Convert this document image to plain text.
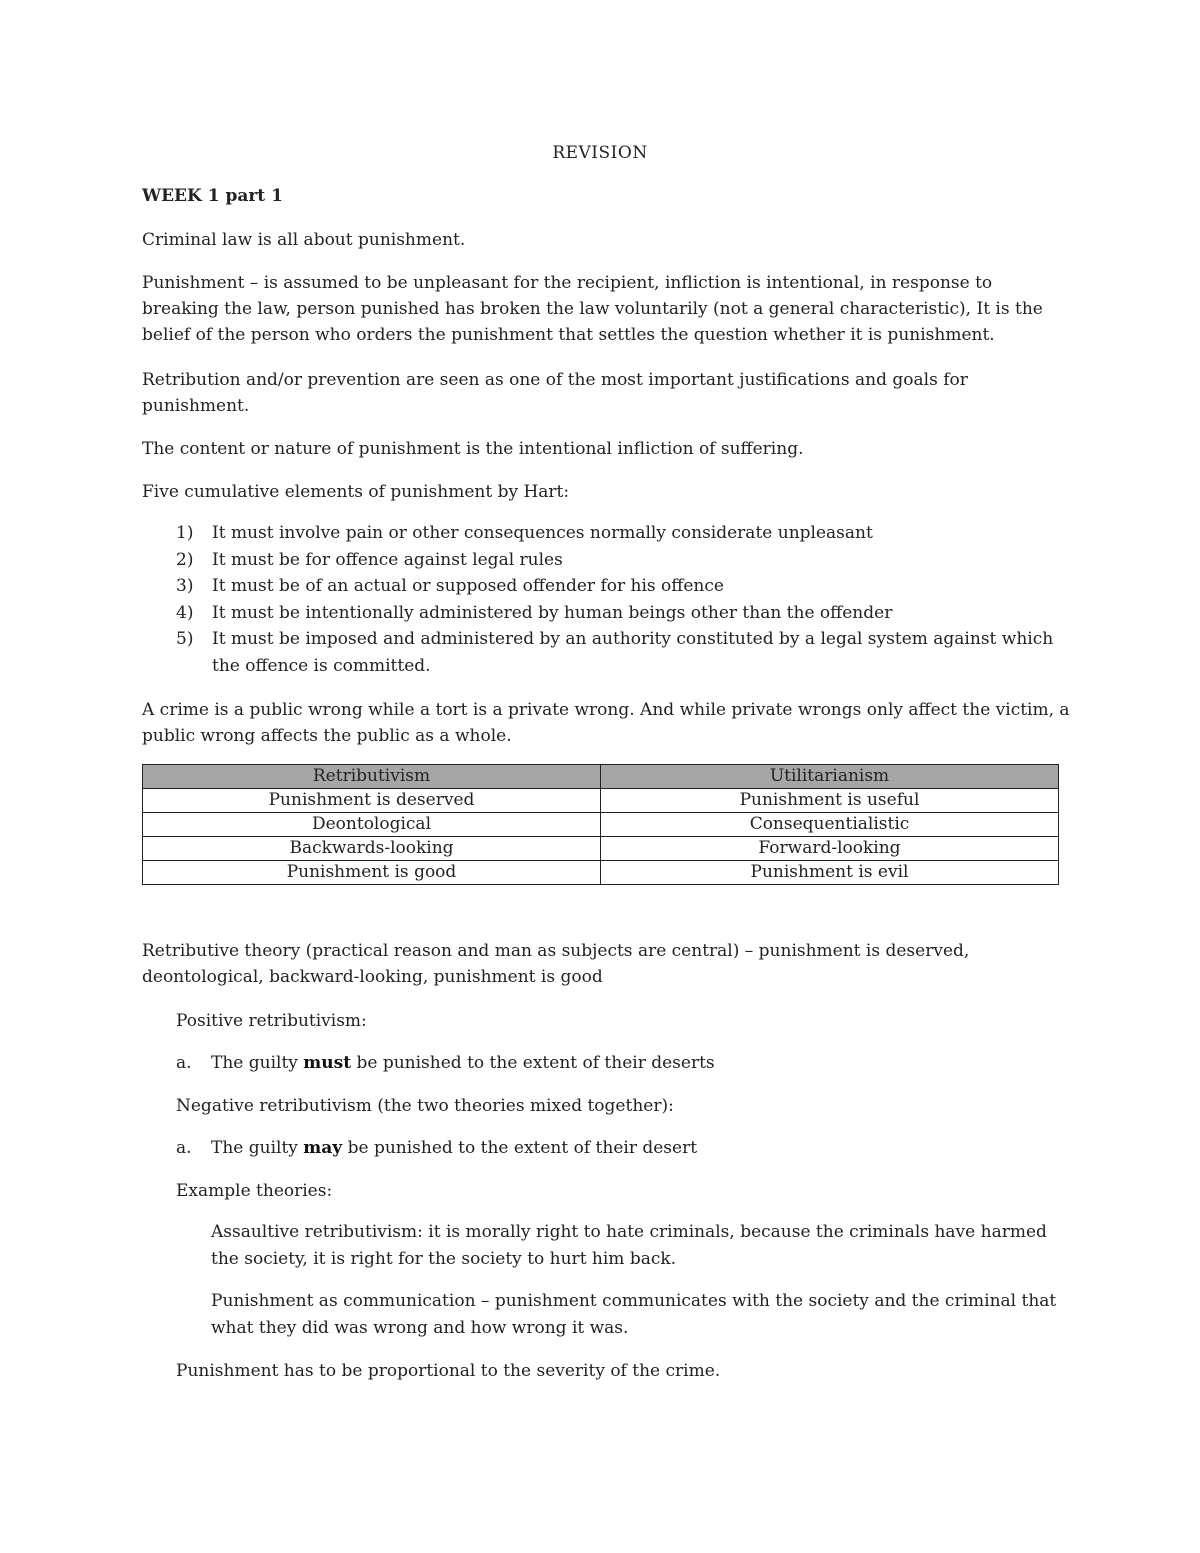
REVISION
WEEK 1 part 1
Criminal law is all about punishment.
Punishment – is assumed to be unpleasant for the recipient, infliction is intentional, in response to breaking the law, person punished has broken the law voluntarily (not a general characteristic), It is the belief of the person who orders the punishment that settles the question whether it is punishment.
Retribution and/or prevention are seen as one of the most important justifications and goals for punishment.
The content or nature of punishment is the intentional infliction of suffering.
Five cumulative elements of punishment by Hart:
1) It must involve pain or other consequences normally considerate unpleasant
2) It must be for offence against legal rules
3) It must be of an actual or supposed offender for his offence
4) It must be intentionally administered by human beings other than the offender
5) It must be imposed and administered by an authority constituted by a legal system against which the offence is committed.
A crime is a public wrong while a tort is a private wrong. And while private wrongs only affect the victim, a public wrong affects the public as a whole.
Retributivism	Utilitarianism
Punishment is deserved	Punishment is useful
Deontological	Consequentialistic
Backwards-looking	Forward-looking
Punishment is good	Punishment is evil
Retributive theory (practical reason and man as subjects are central) – punishment is deserved, deontological, backward-looking, punishment is good
Positive retributivism:
a. The guilty must be punished to the extent of their deserts
Negative retributivism (the two theories mixed together):
a. The guilty may be punished to the extent of their desert
Example theories:
Assaultive retributivism: it is morally right to hate criminals, because the criminals have harmed the society, it is right for the society to hurt him back.
Punishment as communication – punishment communicates with the society and the criminal that what they did was wrong and how wrong it was.
Punishment has to be proportional to the severity of the crime.
